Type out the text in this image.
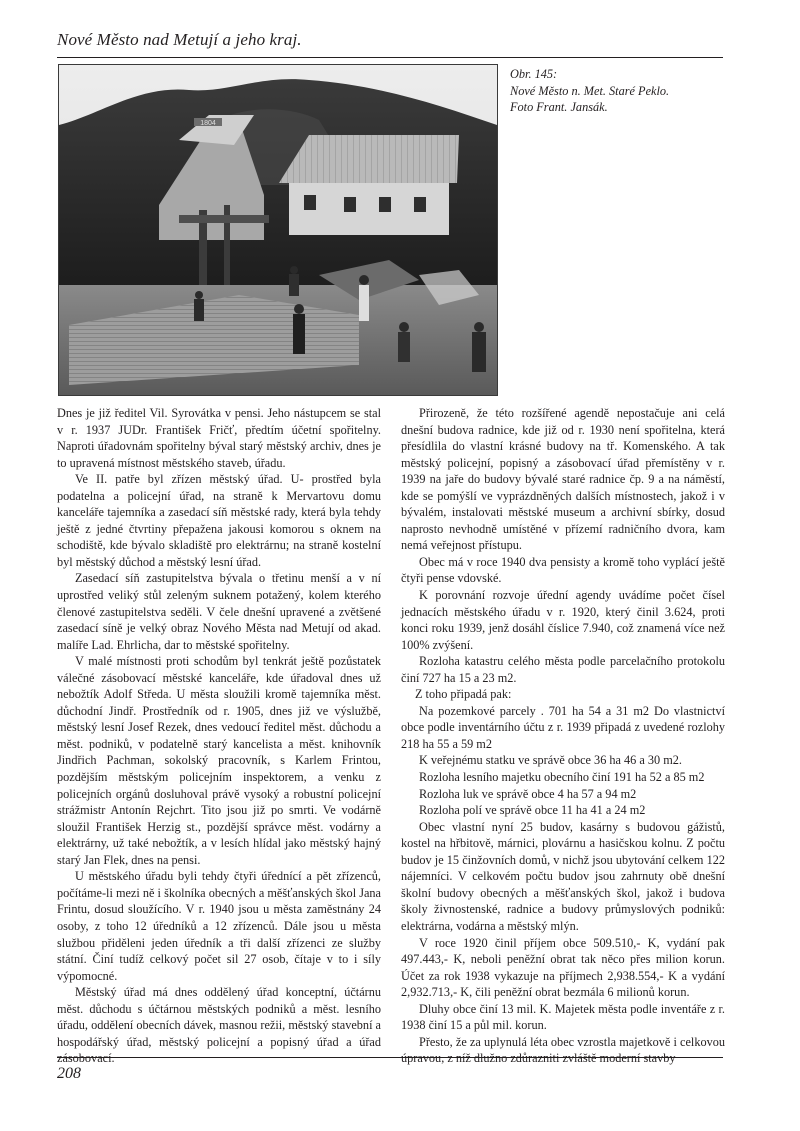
Nové Město nad Metují a jeho kraj.
1804
Obr. 145:
Nové Město n. Met. Staré Peklo.
Foto Frant. Jansák.

Dnes je již ředitel Vil. Syrovátka v pensi. Jeho nástupcem se stal v r. 1937 JUDr. František Fričť, předtím účetní spořitelny. Naproti úřadovnám spořitelny býval starý městský archiv, dnes je to upravená místnost městského staveb, úřadu.

Ve II. patře byl zřízen městský úřad. U- prostřed byla podatelna a policejní úřad, na straně k Mervartovu domu kanceláře tajemníka a zasedací síň městské rady, která byla tehdy ještě z jedné čtvrtiny přepažena jakousi komorou s oknem na schodiště, kde bývalo skladiště pro elektrárnu; na straně kostelní byl městský důchod a městský lesní úřad.

Zasedací síň zastupitelstva bývala o třetinu menší a v ní uprostřed veliký stůl zeleným suknem potažený, kolem kterého členové zastupitelstva seděli. V čele dnešní upravené a zvětšené zasedací síně je velký obraz Nového Města nad Metují od akad. malíře Lad. Ehrlicha, dar to městské spořitelny.

V malé místnosti proti schodům byl tenkrát ještě pozůstatek válečné zásobovací městské kanceláře, kde úřadoval dnes už nebožtík Adolf Středa. U města sloužili kromě tajemníka měst. důchodní Jindř. Prostředník od r. 1905, dnes již ve výslužbě, městský lesní Josef Rezek, dnes vedoucí ředitel měst. důchodu a měst. podniků, v podatelně starý kancelista a měst. knihovník Jindřich Pachman, sokolský pracovník, s Karlem Frintou, pozdějším městským policejním inspektorem, a venku z policejních orgánů dosluhoval právě vysoký a robustní policejní strážmistr Antonín Rejchrt. Tito jsou již po smrti. Ve vodárně sloužil František Herzig st., pozdější správce měst. vodárny a elektrárny, už také nebožtík, a v lesích hlídal jako městský hajný starý Jan Flek, dnes na pensi.

U městského úřadu byli tehdy čtyři úřednící a pět zřízenců, počítáme-li mezi ně i školníka obecných a měšťanských škol Jana Frintu, dosud sloužícího. V r. 1940 jsou u města zaměstnány 24 osoby, z toho 12 úředníků a 12 zřízenců. Dále jsou u města službou přiděleni jeden úředník a tři další zřízenci ze služby státní. Činí tudíž celkový počet sil 27 osob, čítaje v to i síly výpomocné.

Městský úřad má dnes oddělený úřad konceptní, účtárnu měst. důchodu s účtárnou městských podniků a měst. lesního úřadu, oddělení obecních dávek, masnou režii, městský stavební a hospodářský úřad, městský policejní a popisný úřad a úřad zásobovací.

Přirozeně, že této rozšířené agendě nepostačuje ani celá dnešní budova radnice, kde již od r. 1930 není spořitelna, která přesídlila do vlastní krásné budovy na tř. Komenského. A tak městský policejní, popisný a zásobovací úřad přemístěny v r. 1939 na jaře do budovy bývalé staré radnice čp. 9 a na náměstí, kde se pomýšlí ve vyprázdněných dalších místnostech, jakož i v bývalém, instalovati městské museum a archivní sbírky, dosud naprosto nevhodně umístěné v přízemí radničního dvora, kam nemá veřejnost přístupu.

Obec má v roce 1940 dva pensisty a kromě toho vyplácí ještě čtyři pense vdovské.

K porovnání rozvoje úřední agendy uvádíme počet čísel jednacích městského úřadu v r. 1920, který činil 3.624, proti konci roku 1939, jenž dosáhl číslice 7.940, což znamená více než 100% zvýšení.

Rozloha katastru celého města podle parcelačního protokolu činí 727 ha 15 a 23 m2.

Z toho připadá pak:

Na pozemkové parcely . 701 ha 54 a 31 m2 Do vlastnictví obce podle inventárního účtu z r. 1939 připadá z uvedené rozlohy 218 ha 55 a 59 m2

K veřejnému statku ve správě obce 36 ha 46 a 30 m2.

Rozloha lesního majetku obecního činí 191 ha 52 a 85 m2

Rozloha luk ve správě obce 4 ha 57 a 94 m2

Rozloha polí ve správě obce 11 ha 41 a 24 m2

Obec vlastní nyní 25 budov, kasárny s budovou gážistů, kostel na hřbitově, márnici, plovárnu a hasičskou kolnu. Z počtu budov je 15 činžovních domů, v nichž jsou ubytování celkem 122 nájemníci. V celkovém počtu budov jsou zahrnuty obě dnešní školní budovy obecných a měšťanských škol, jakož i budova školy živnostenské, radnice a budovy průmyslových podniků: elektrárna, vodárna a městský mlýn.

V roce 1920 činil příjem obce 509.510,- K, vydání pak 497.443,- K, neboli peněžní obrat tak něco přes milion korun. Účet za rok 1938 vykazuje na příjmech 2,938.554,- K a vydání 2,932.713,- K, čili peněžní obrat bezmála 6 milionů korun.

Dluhy obce činí 13 mil. K. Majetek města podle inventáře z r. 1938 činí 15 a půl mil. korun.

Přesto, že za uplynulá léta obec vzrostla majetkově i celkovou úpravou, z níž dlužno zdůrazniti zvláště moderní stavby

208
